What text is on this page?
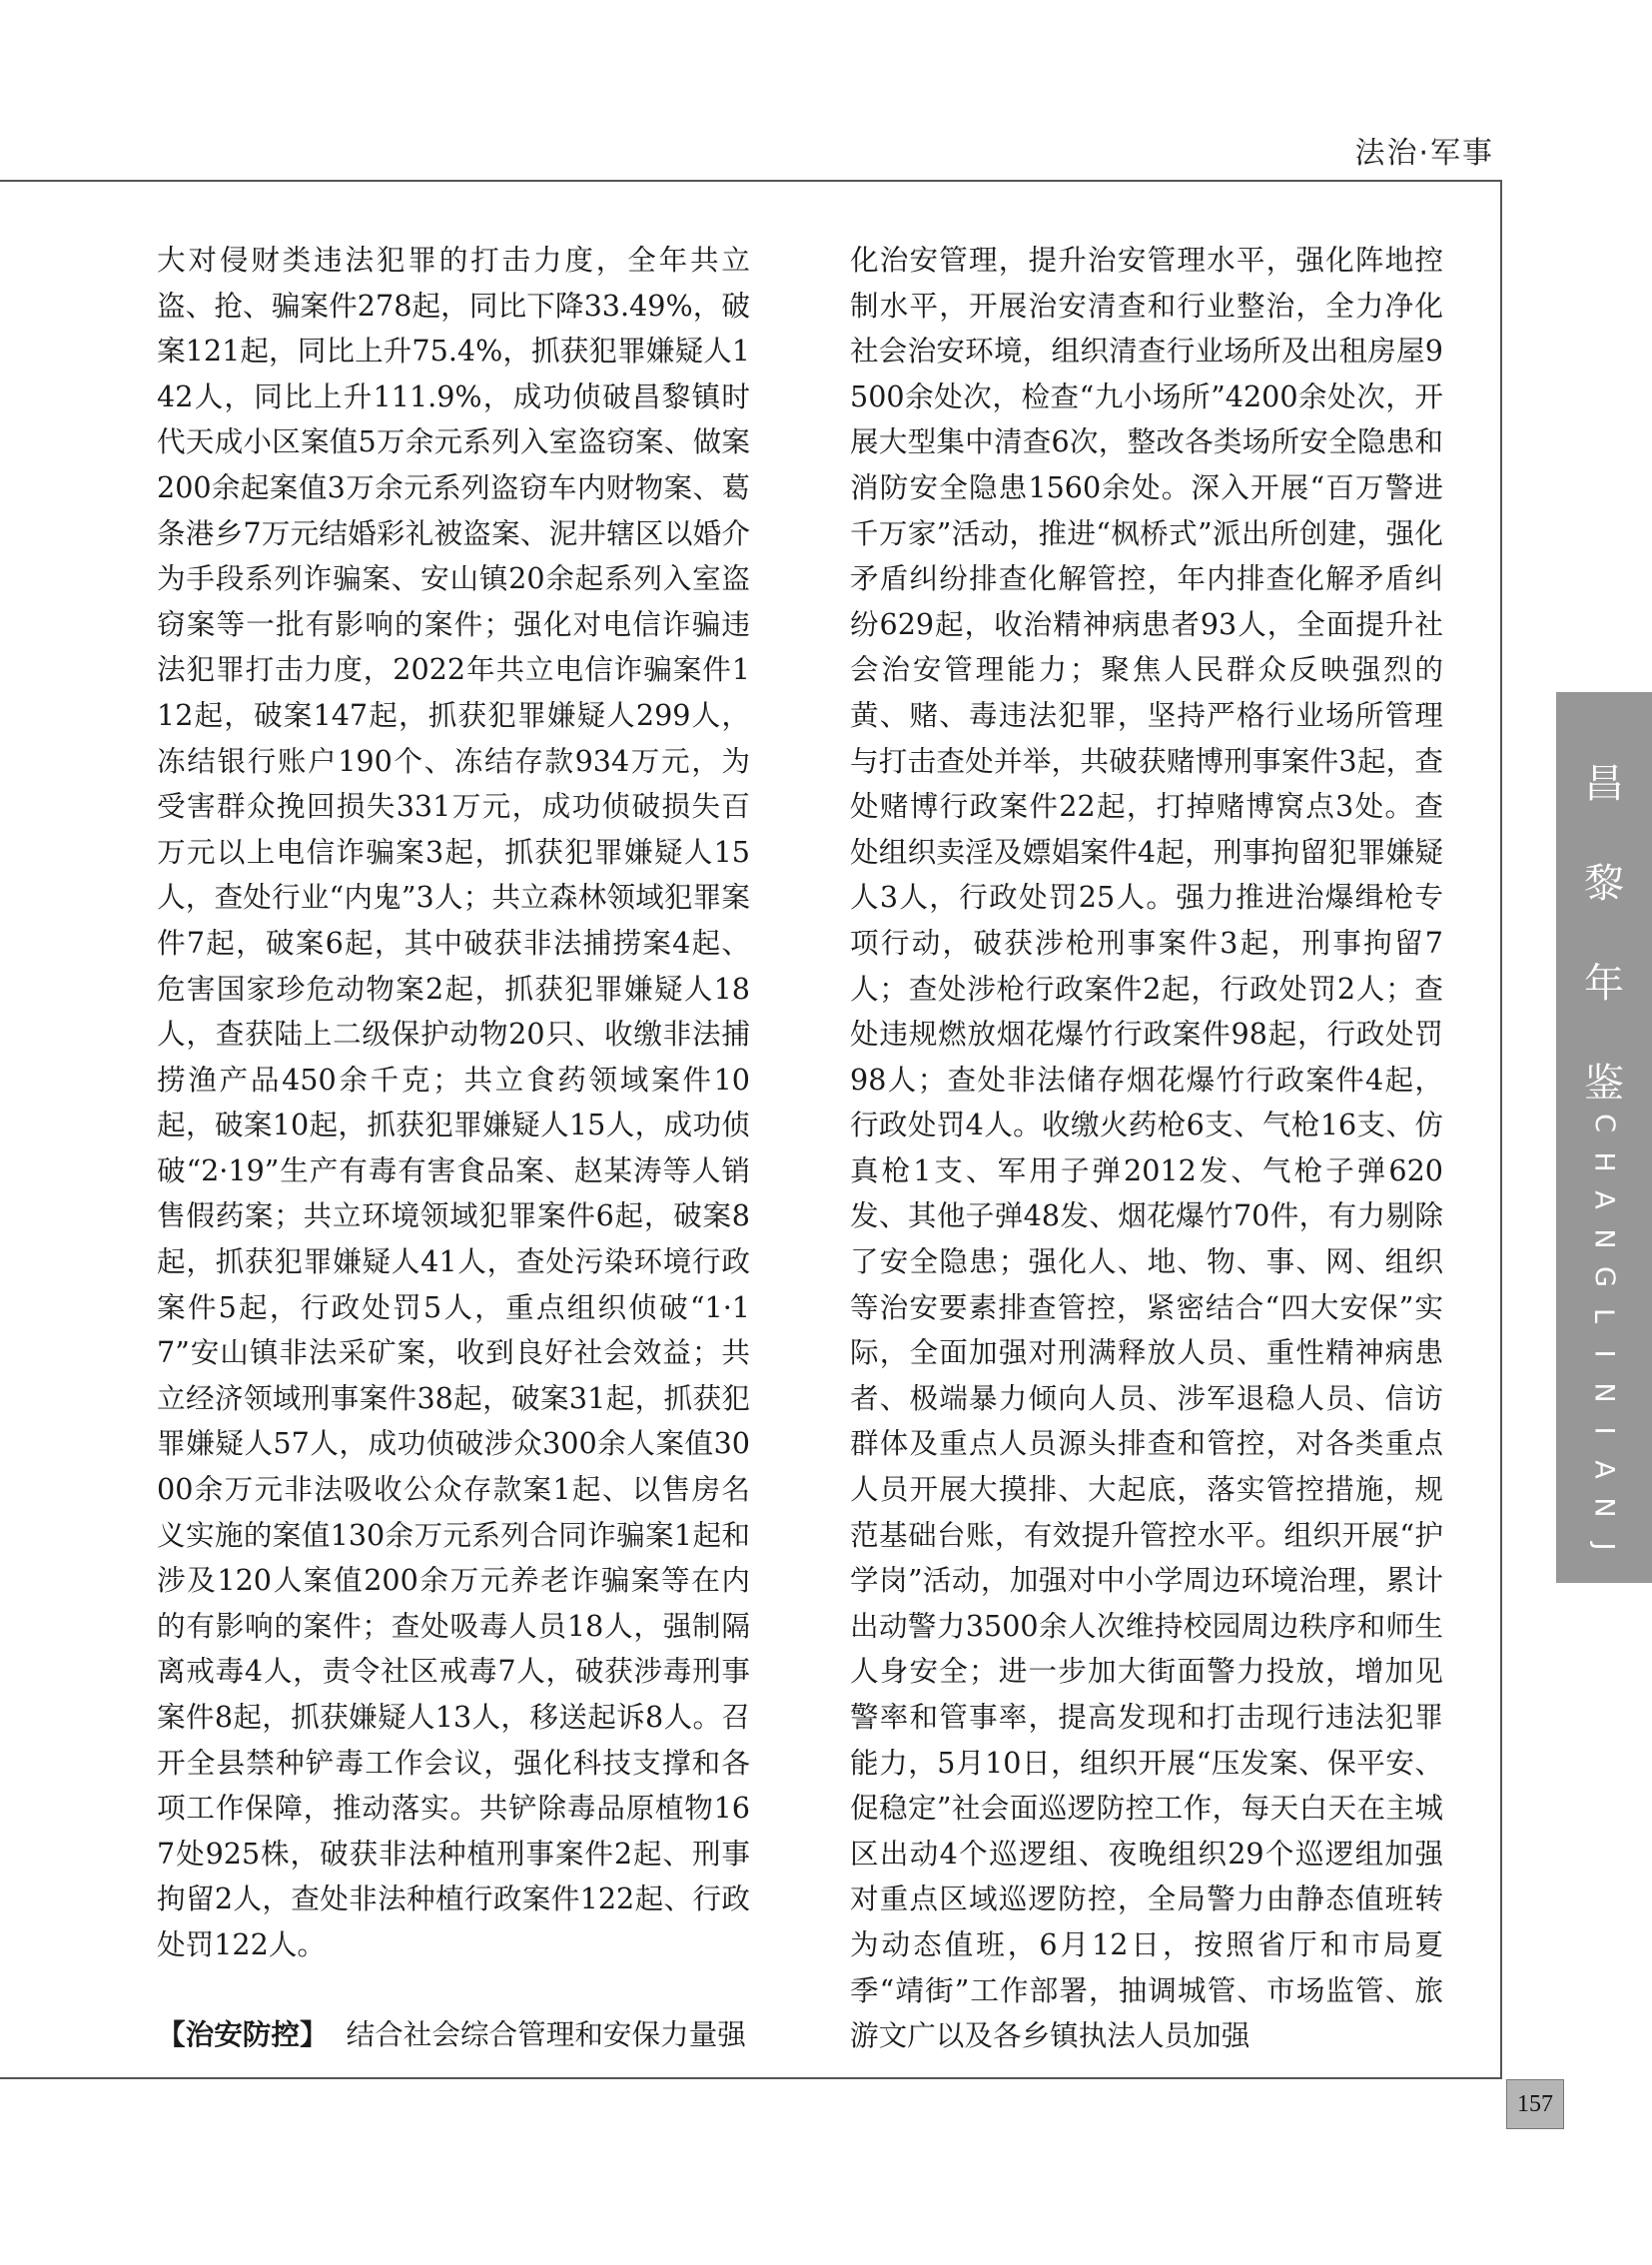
法治·军事

大对侵财类违法犯罪的打击力度，全年共立盗、抢、骗案件278起，同比下降33.49%，破案121起，同比上升75.4%，抓获犯罪嫌疑人142人，同比上升111.9%，成功侦破昌黎镇时代天成小区案值5万余元系列入室盗窃案、做案200余起案值3万余元系列盗窃车内财物案、葛条港乡7万元结婚彩礼被盗案、泥井辖区以婚介为手段系列诈骗案、安山镇20余起系列入室盗窃案等一批有影响的案件；强化对电信诈骗违法犯罪打击力度，2022年共立电信诈骗案件112起，破案147起，抓获犯罪嫌疑人299人，冻结银行账户190个、冻结存款934万元，为受害群众挽回损失331万元，成功侦破损失百万元以上电信诈骗案3起，抓获犯罪嫌疑人15人，查处行业“内鬼”3人；共立森林领域犯罪案件7起，破案6起，其中破获非法捕捞案4起、危害国家珍危动物案2起，抓获犯罪嫌疑人18人，查获陆上二级保护动物20只、收缴非法捕捞渔产品450余千克；共立食药领域案件10起，破案10起，抓获犯罪嫌疑人15人，成功侦破“2·19”生产有毒有害食品案、赵某涛等人销售假药案；共立环境领域犯罪案件6起，破案8起，抓获犯罪嫌疑人41人，查处污染环境行政案件5起，行政处罚5人，重点组织侦破“1·17”安山镇非法采矿案，收到良好社会效益；共立经济领域刑事案件38起，破案31起，抓获犯罪嫌疑人57人，成功侦破涉众300余人案值3000余万元非法吸收公众存款案1起、以售房名义实施的案值130余万元系列合同诈骗案1起和涉及120人案值200余万元养老诈骗案等在内的有影响的案件；查处吸毒人员18人，强制隔离戒毒4人，责令社区戒毒7人，破获涉毒刑事案件8起，抓获嫌疑人13人，移送起诉8人。召开全县禁种铲毒工作会议，强化科技支撑和各项工作保障，推动落实。共铲除毒品原植物167处925株，破获非法种植刑事案件2起、刑事拘留2人，查处非法种植行政案件122起、行政处罚122人。

【治安防控】 结合社会综合管理和安保力量强

化治安管理，提升治安管理水平，强化阵地控制水平，开展治安清查和行业整治，全力净化社会治安环境，组织清查行业场所及出租房屋9500余处次，检查“九小场所”4200余处次，开展大型集中清查6次，整改各类场所安全隐患和消防安全隐患1560余处。深入开展“百万警进千万家”活动，推进“枫桥式”派出所创建，强化矛盾纠纷排查化解管控，年内排查化解矛盾纠纷629起，收治精神病患者93人，全面提升社会治安管理能力；聚焦人民群众反映强烈的黄、赌、毒违法犯罪，坚持严格行业场所管理与打击查处并举，共破获赌博刑事案件3起，查处赌博行政案件22起，打掉赌博窝点3处。查处组织卖淫及嫖娼案件4起，刑事拘留犯罪嫌疑人3人，行政处罚25人。强力推进治爆缉枪专项行动，破获涉枪刑事案件3起，刑事拘留7人；查处涉枪行政案件2起，行政处罚2人；查处违规燃放烟花爆竹行政案件98起，行政处罚98人；查处非法储存烟花爆竹行政案件4起，行政处罚4人。收缴火药枪6支、气枪16支、仿真枪1支、军用子弹2012发、气枪子弹620发、其他子弹48发、烟花爆竹70件，有力剔除了安全隐患；强化人、地、物、事、网、组织等治安要素排查管控，紧密结合“四大安保”实际，全面加强对刑满释放人员、重性精神病患者、极端暴力倾向人员、涉军退稳人员、信访群体及重点人员源头排查和管控，对各类重点人员开展大摸排、大起底，落实管控措施，规范基础台账，有效提升管控水平。组织开展“护学岗”活动，加强对中小学周边环境治理，累计出动警力3500余人次维持校园周边秩序和师生人身安全；进一步加大街面警力投放，增加见警率和管事率，提高发现和打击现行违法犯罪能力，5月10日，组织开展“压发案、保平安、促稳定”社会面巡逻防控工作，每天白天在主城区出动4个巡逻组、夜晚组织29个巡逻组加强对重点区域巡逻防控，全局警力由静态值班转为动态值班，6月12日，按照省厅和市局夏季“靖街”工作部署，抽调城管、市场监管、旅游文广以及各乡镇执法人员加强

昌
黎
年
鉴
C
H
A
N
G
L
I
N
I
A
N
J
I
A
N
157
